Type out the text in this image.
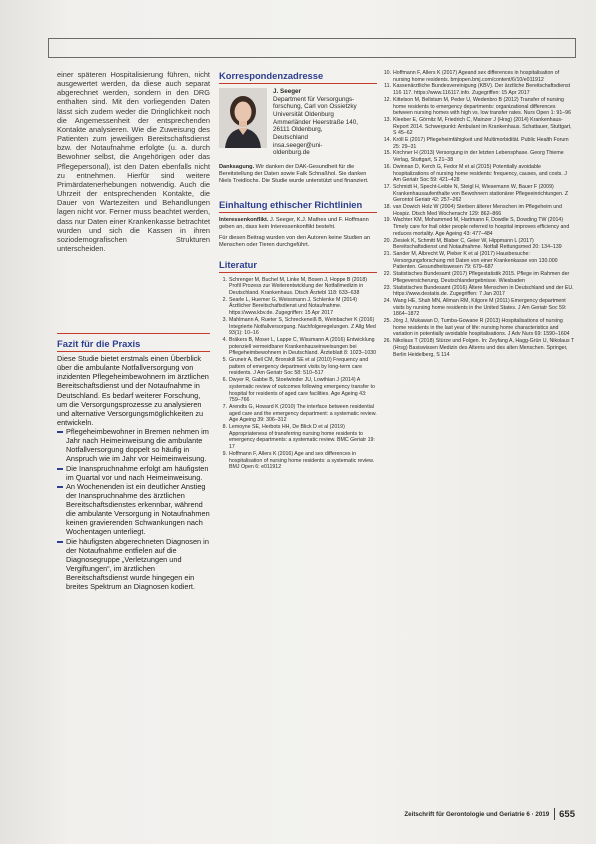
einer späteren Hospitalisierung führen, nicht ausgewertet werden, da diese auch separat abgerechnet werden, sondern in den DRG enthalten sind. Mit den vorliegenden Daten lässt sich zudem weder die Dringlichkeit noch die Angemessenheit der entsprechenden Kontakte analysieren. Wie die Zuweisung des Patienten zum jeweiligen Bereitschaftsdienst bzw. der Notaufnahme erfolgte (u. a. durch Bewohner selbst, die Angehörigen oder das Pflegepersonal), ist den Daten ebenfalls nicht zu entnehmen. Hierfür sind weitere Primärdatenerhebungen notwendig. Auch die Uhrzeit der entsprechenden Kontakte, die Dauer von Wartezeiten und Behandlungen lagen nicht vor. Ferner muss beachtet werden, dass nur Daten einer Krankenkasse betrachtet wurden und sich die Kassen in ihren soziodemografischen Strukturen unterscheiden.

Fazit für die Praxis

Diese Studie bietet erstmals einen Überblick über die ambulante Notfallversorgung von inzidenten Pflegeheimbewohnern im ärztlichen Bereitschaftsdienst und der Notaufnahme in Deutschland. Es bedarf weiterer Forschung, um die Versorgungsprozesse zu analysieren und alternative Versorgungsmöglichkeiten zu entwickeln.

Pflegeheimbewohner in Bremen nehmen im Jahr nach Heimeinweisung die ambulante Notfallversorgung doppelt so häufig in Anspruch wie im Jahr vor Heimeinweisung.

Die Inanspruchnahme erfolgt am häufigsten im Quartal vor und nach Heimeinweisung.

An Wochenenden ist ein deutlicher Anstieg der Inanspruchnahme des ärztlichen Bereitschaftsdienstes erkennbar, während die ambulante Versorgung in Notaufnahmen keinen gravierenden Schwankungen nach Wochentagen unterliegt.

Die häufigsten abgerechneten Diagnosen in der Notaufnahme entfielen auf die Diagnosegruppe „Verletzungen und Vergiftungen“, im ärztlichen Bereitschaftsdienst wurde hingegen ein breites Spektrum an Diagnosen kodiert.

Korrespondenzadresse
J. Seeger
Department für Versorgungs-
forschung, Carl von Ossietzky
Universität Oldenburg
Ammerländer Heerstraße 140,
26111 Oldenburg,
Deutschland
insa.seeger@uni-
oldenburg.de

Danksagung. Wir danken der DAK-Gesundheit für die Bereitstellung der Daten sowie Falk Schnaßhol. Sie danken Niels Treidlochs. Die Studie wurde unterstützt und finanziert.

Einhaltung ethischer Richtlinien

Interessenkonflikt. J. Seeger, K.J. Mathes und F. Hoffmann geben an, dass kein Interessenkonflikt besteht.

Für diesen Beitrag wurden von den Autoren keine Studien an Menschen oder Tieren durchgeführt.

Literatur
1. Schrenger M, Buchel M, Linke M, Bosen J, Hoppe B (2018) Profil Prozess zur Weiterentwicklung der Notfallmedizin in Deutschland. Krankenhaus. Dtsch Ärztebl 118: 633–638
2. Searle L, Huemer G, Weissmann J, Schlenke M (2014) Ärztlicher Bereitschaftsdienst und Notaufnahme. https://www.kbv.de. Zugegriffen: 15 Apr 2017
3. Mahlmann A, Rueter S, Schreckeneiß B, Weinbacher K (2016) Integrierte Notfallversorgung. Nachfolgeregelungen. Z Allg Med 93(1): 10–16
4. Bräkers B, Moser L, Lappe C, Wissmann A (2016) Entwicklung potenziell vermeidbarer Krankenhauseinweisungen bei Pflegeheimbewohnern in Deutschland. Ärzteblatt 8: 1023–1030
5. Gruneir A, Bell CM, Bronskill SE et al (2010) Frequency and pattern of emergency department visits by long-term care residents. J Am Geriatr Soc 58: 510–517
6. Dwyer R, Gabbe B, Stoelwinder JU, Lowthian J (2014) A systematic review of outcomes following emergency transfer to hospital for residents of aged care facilities. Age Ageing 43: 759–766
7. Arendts G, Howard K (2010) The interface between residential aged care and the emergency department: a systematic review. Age Ageing 39: 306–312
8. Lemoyne SE, Herbots HH, De Blick D et al (2019) Appropriateness of transferring nursing home residents to emergency departments: a systematic review. BMC Geriatr 19: 17
9. Hoffmann F, Allers K (2016) Age and sex differences in hospitalisation of nursing home residents: a systematic review. BMJ Open 6: e011912
10. Hoffmann F, Allers K (2017) Ageand sex differences in hospitalisation of nursing home residents. bmjopen.bmj.com/content/6/10/e011912
11. Kassenärztliche Bundesvereinigung (KBV). Der ärztliche Bereitschaftsdienst 116 117. https://www.116117.info. Zugegriffen: 15 Apr 2017
12. Kittelson M, Bellstam M, Peder U, Wedenbro B (2012) Transfer of nursing home residents to emergency departments: organizational differences between nursing homes with high vs. low transfer rates. Nurs Open 1: 91–96
13. Kleeber E, Görnitz M, Friedrich C, Mainzer J (Hrsg) (2014) Krankenhaus-Report 2014. Schwerpunkt: Ambulant im Krankenhaus. Schattauer, Stuttgart, S 45–62
14. Kröll E (2017) Pflegeheimfähigkeit und Multimorbidität. Public Health Forum 25: 29–31
15. Kirchner H (2013) Versorgung in der letzten Lebensphase. Georg Thieme Verlag, Stuttgart, S 21–38
16. Dwinnan D, Kerch G, Fedor M et al (2015) Potentially avoidable hospitalizations of nursing home residents: frequency, causes, and costs. J Am Geriatr Soc 59: 421–428
17. Schmidt H, Specht-Leible N, Steigl H, Wiesemann W, Bauer F (2009) Krankenhausaufenthalte von Bewohnern stationärer Pflegeeinrichtungen. Z Gerontol Geriatr 42: 257–262
18. van Dowich Holz W (2004) Sterben älterer Menschen im Pflegeheim und Hospiz. Dtsch Med Wochenschr 129: 862–866
19. Wachter KM, Mohammed M, Hartmann F, Dowdle S, Dowding TW (2014) Timely care for frail older people referred to hospital improves efficiency and reduces mortality. Age Ageing 43: 477–484
20. Ziesiek K, Schmitt M, Blaber C, Geier W, Hippmann L (2017) Bereitschaftsdienst und Notaufnahme. Notfall Rettungsmed 20: 134–139
21. Sander M, Albrecht W, Pieber K et al (2017) Hausbesuche: Versorgungsforschung mit Daten von einer Krankenkasse von 130.000 Patienten. Gesundheitswesen 79: 679–687
22. Statistisches Bundesamt (2017) Pflegestatistik 2015. Pflege im Rahmen der Pflegeversicherung. Deutschlandergebnisse. Wiesbaden
23. Statistisches Bundesamt (2016) Ältere Menschen in Deutschland und der EU. https://www.destatis.de. Zugegriffen: 7 Jan 2017
24. Wang HE, Shah MN, Allman RM, Kilgore M (2011) Emergency department visits by nursing home residents in the United States. J Am Geriatr Soc 59: 1864–1872
25. Jörg J, Mukawan D, Tumba-Gowane R (2013) Hospitalisations of nursing home residents in the last year of life: nursing home characteristics and variation in potentially avoidable hospitalisations. J Adv Nurs 69: 1590–1604
26. Nikolaus T (2018) Stürze und Folgen. In: Zeyfang A, Hagg-Grün U, Nikolaus T (Hrsg) Basiswissen Medizin des Alterns und des alten Menschen. Springer, Berlin Heidelberg, S 114
Zeitschrift für Gerontologie und Geriatrie 6 · 2019 655
